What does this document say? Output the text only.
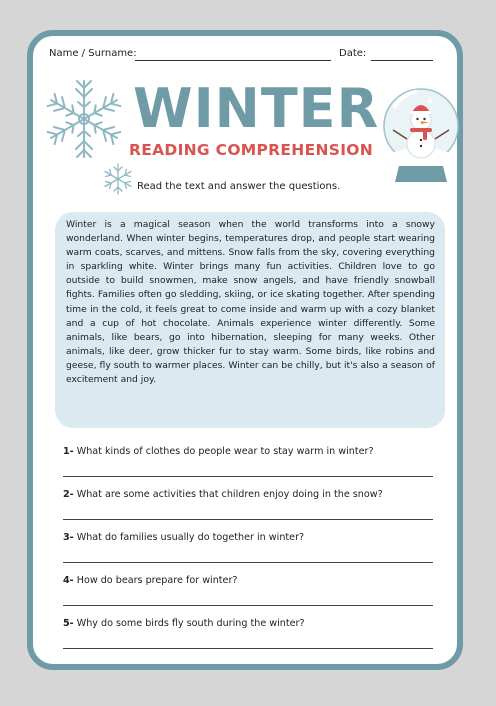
Name / Surname:	Date:
WINTER
READING COMPREHENSION
Read the text and answer the questions.
Winter is a magical season when the world transforms into a snowy wonderland. When winter begins, temperatures drop, and people start wearing warm coats, scarves, and mittens. Snow falls from the sky, covering everything in sparkling white. Winter brings many fun activities. Children love to go outside to build snowmen, make snow angels, and have friendly snowball fights. Families often go sledding, skiing, or ice skating together. After spending time in the cold, it feels great to come inside and warm up with a cozy blanket and a cup of hot chocolate. Animals experience winter differently. Some animals, like bears, go into hibernation, sleeping for many weeks. Other animals, like deer, grow thicker fur to stay warm. Some birds, like robins and geese, fly south to warmer places. Winter can be chilly, but it's also a season of excitement and joy.
1- What kinds of clothes do people wear to stay warm in winter?
2- What are some activities that children enjoy doing in the snow?
3- What do families usually do together in winter?
4- How do bears prepare for winter?
5- Why do some birds fly south during the winter?
